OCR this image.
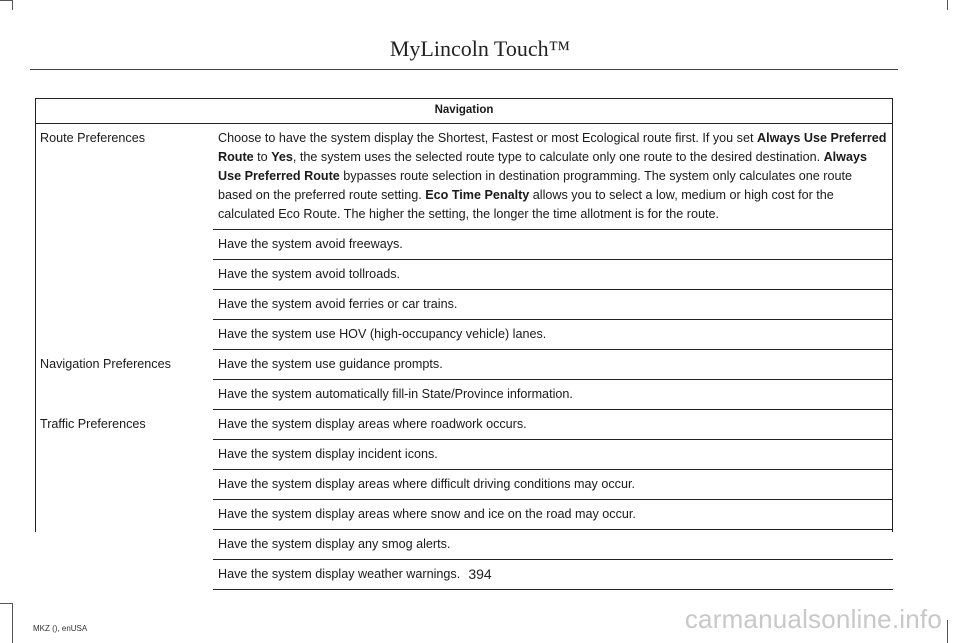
MyLincoln Touch™
Navigation	
Route Preferences	Choose to have the system display the Shortest, Fastest or most Ecological route first. If you set Always Use Preferred Route to Yes, the system uses the selected route type to calculate only one route to the desired destination. Always Use Preferred Route bypasses route selection in destination programming. The system only calculates one route based on the preferred route setting. Eco Time Penalty allows you to select a low, medium or high cost for the calculated Eco Route. The higher the setting, the longer the time allotment is for the route.
	Have the system avoid freeways.
	Have the system avoid tollroads.
	Have the system avoid ferries or car trains.
	Have the system use HOV (high-occupancy vehicle) lanes.
Navigation Preferences	Have the system use guidance prompts.
	Have the system automatically fill-in State/Province information.
Traffic Preferences	Have the system display areas where roadwork occurs.
	Have the system display incident icons.
	Have the system display areas where difficult driving conditions may occur.
	Have the system display areas where snow and ice on the road may occur.
	Have the system display any smog alerts.
	Have the system display weather warnings. 394
MKZ (), enUSA	carmanualsonline.info
